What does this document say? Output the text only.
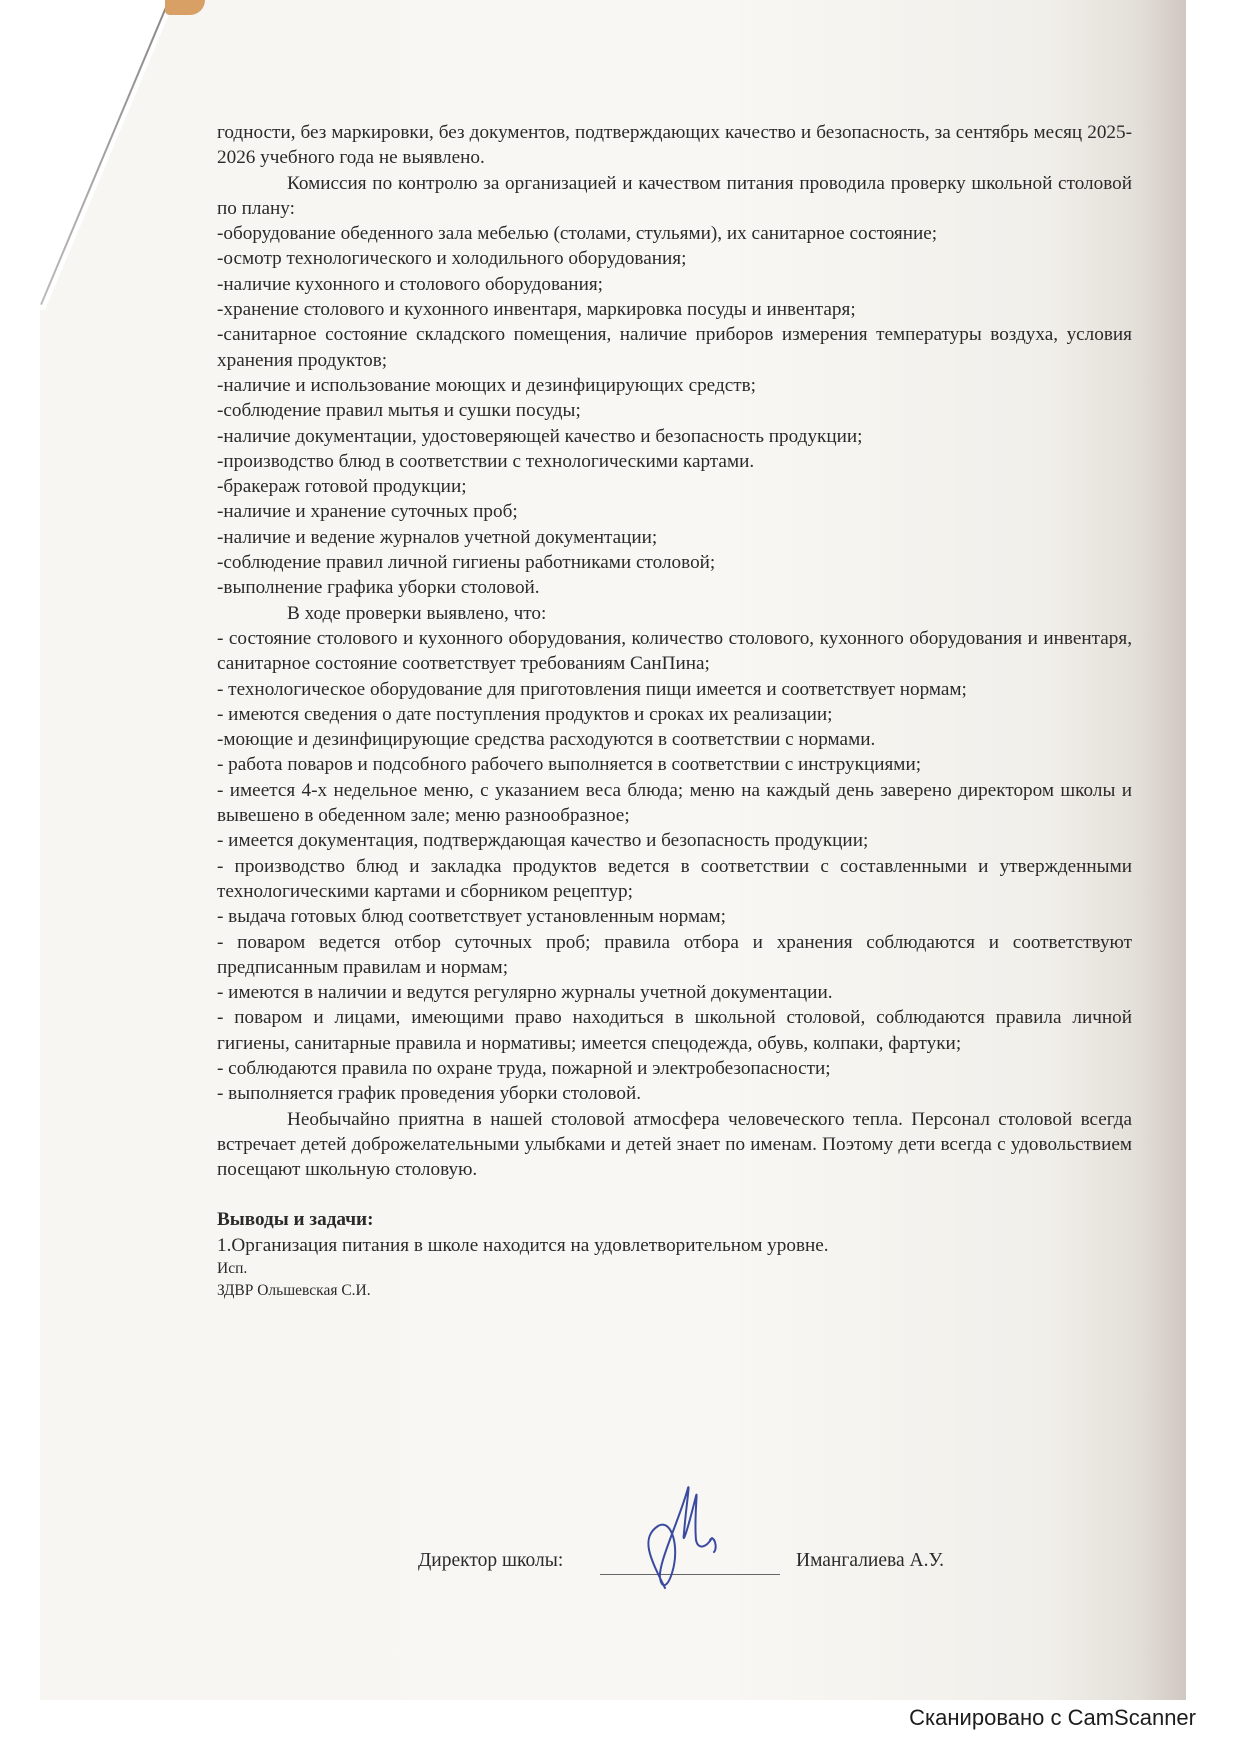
годности, без маркировки, без документов, подтверждающих качество и безопасность, за сентябрь месяц 2025-2026 учебного года не выявлено.

Комиссия по контролю за организацией и качеством питания проводила проверку школьной столовой по плану:

-оборудование обеденного зала мебелью (столами, стульями), их санитарное состояние;

-осмотр технологического и холодильного оборудования;

-наличие кухонного и столового оборудования;

-хранение столового и кухонного инвентаря, маркировка посуды и инвентаря;

-санитарное состояние складского помещения, наличие приборов измерения температуры воздуха, условия хранения продуктов;

-наличие и использование моющих и дезинфицирующих средств;

-соблюдение правил мытья и сушки посуды;

-наличие документации, удостоверяющей качество и безопасность продукции;

-производство блюд в соответствии с технологическими картами.

-бракераж готовой продукции;

-наличие и хранение суточных проб;

-наличие и ведение журналов учетной документации;

-соблюдение правил личной гигиены работниками столовой;

-выполнение графика уборки столовой.

В ходе проверки выявлено, что:

- состояние столового и кухонного оборудования, количество столового, кухонного оборудования и инвентаря, санитарное состояние соответствует требованиям СанПина;

- технологическое оборудование для приготовления пищи имеется и соответствует нормам;

- имеются сведения о дате поступления продуктов и сроках их реализации;

-моющие и дезинфицирующие средства расходуются в соответствии с нормами.

- работа поваров и подсобного рабочего выполняется в соответствии с инструкциями;

- имеется 4-х недельное меню, с указанием веса блюда; меню на каждый день заверено директором школы и вывешено в обеденном зале; меню разнообразное;

- имеется документация, подтверждающая качество и безопасность продукции;

- производство блюд и закладка продуктов ведется в соответствии с составленными и утвержденными технологическими картами и сборником рецептур;

- выдача готовых блюд соответствует установленным нормам;

- поваром ведется отбор суточных проб; правила отбора и хранения соблюдаются и соответствуют предписанным правилам и нормам;

- имеются в наличии и ведутся регулярно журналы учетной документации.

- поваром и лицами, имеющими право находиться в школьной столовой, соблюдаются правила личной гигиены, санитарные правила и нормативы; имеется спецодежда, обувь, колпаки, фартуки;

- соблюдаются правила по охране труда, пожарной и электробезопасности;

- выполняется график проведения уборки столовой.

Необычайно приятна в нашей столовой атмосфера человеческого тепла. Персонал столовой всегда встречает детей доброжелательными улыбками и детей знает по именам. Поэтому дети всегда с удовольствием посещают школьную столовую.

Выводы и задачи:

1.Организация питания в школе находится на удовлетворительном уровне.

Исп.

ЗДВР Ольшевская С.И.

Директор школы:	Имангалиева А.У.
Сканировано с CamScanner
